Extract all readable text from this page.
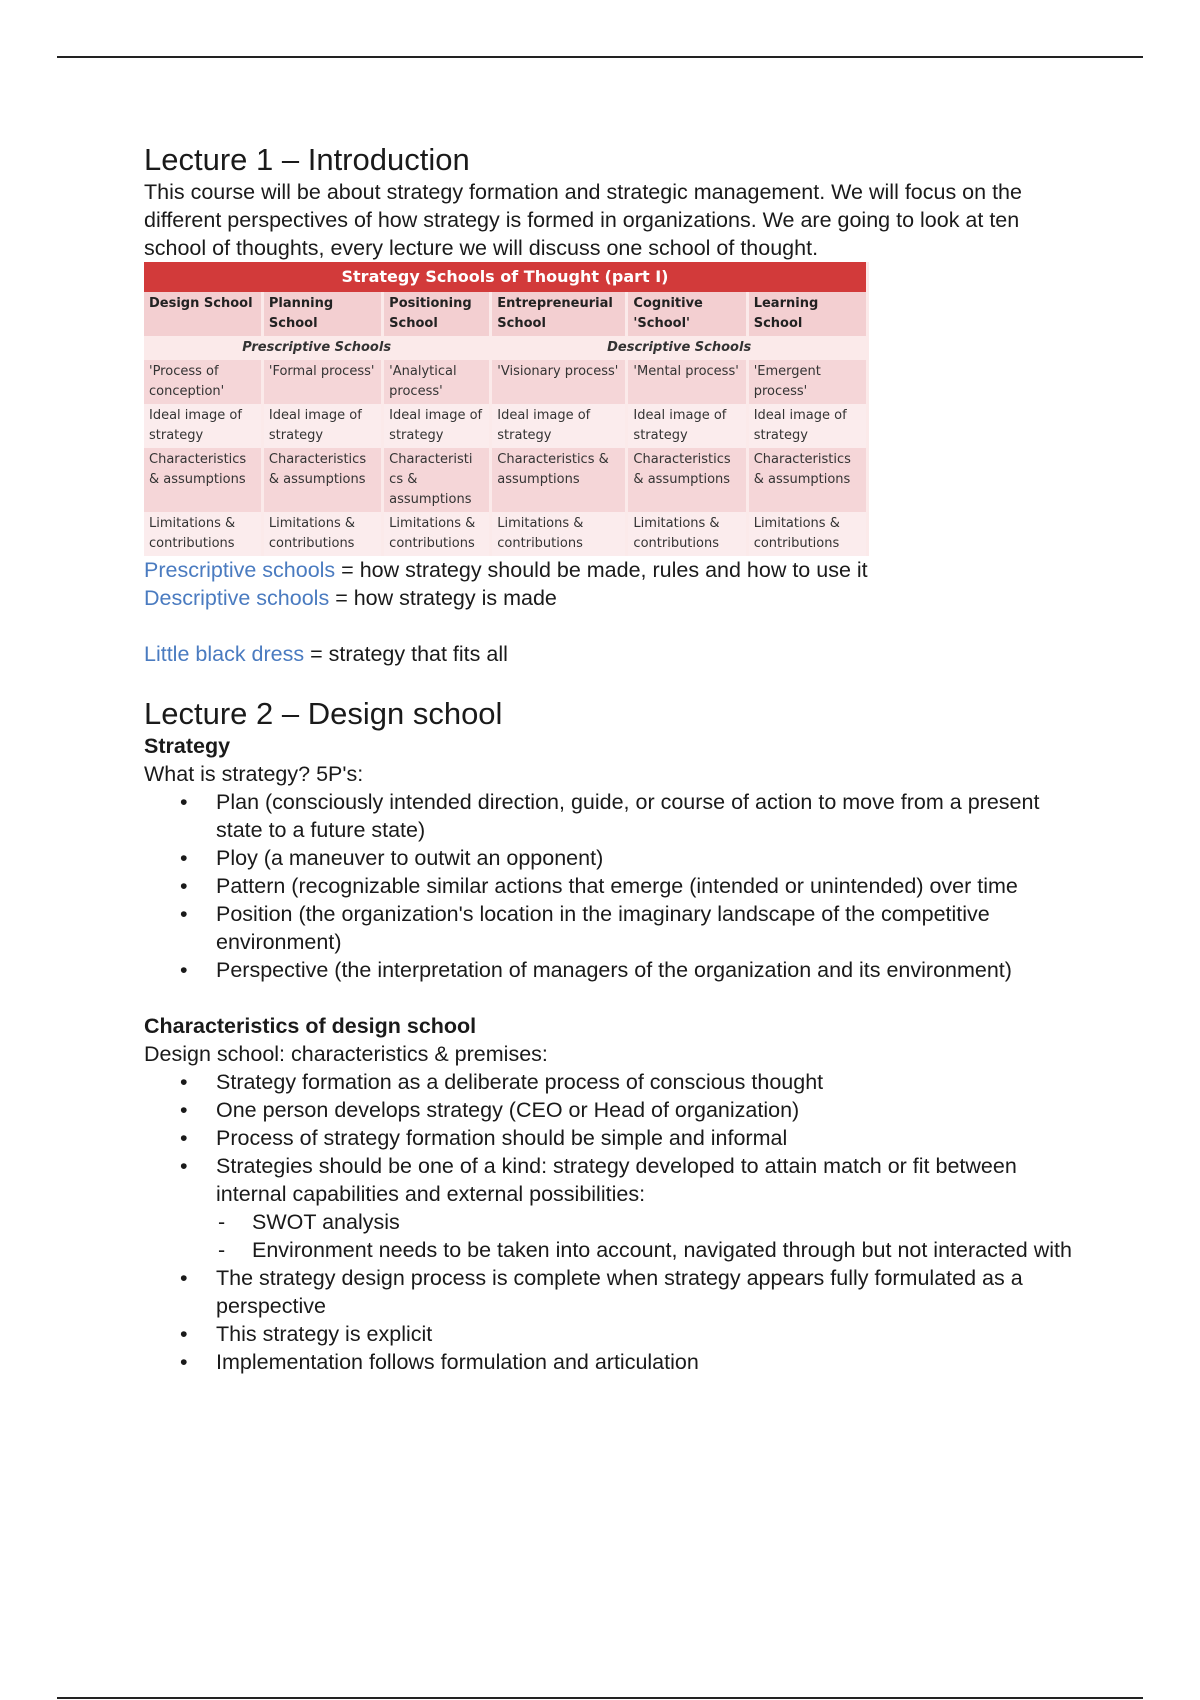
Lecture 1 – Introduction

This course will be about strategy formation and strategic management. We will focus on the different perspectives of how strategy is formed in organizations. We are going to look at ten school of thoughts, every lecture we will discuss one school of thought.

Strategy Schools of Thought (part I)					
Design School	Planning School	Positioning School	Entrepreneurial School	Cognitive 'School'	Learning School
Prescriptive Schools			Descriptive Schools		
'Process of conception'	'Formal process'	'Analytical process'	'Visionary process'	'Mental process'	'Emergent process'
Ideal image of strategy	Ideal image of strategy	Ideal image of strategy	Ideal image of strategy	Ideal image of strategy	Ideal image of strategy
Characteristics & assumptions	Characteristics & assumptions	Characteristi cs & assumptions	Characteristics & assumptions	Characteristics & assumptions	Characteristics & assumptions
Limitations & contributions	Limitations & contributions	Limitations & contributions	Limitations & contributions	Limitations & contributions	Limitations & contributions

Prescriptive schools = how strategy should be made, rules and how to use it

Descriptive schools = how strategy is made

Little black dress = strategy that fits all

Lecture 2 – Design school
Strategy

What is strategy? 5P's:

• Plan (consciously intended direction, guide, or course of action to move from a present state to a future state)
• Ploy (a maneuver to outwit an opponent)
• Pattern (recognizable similar actions that emerge (intended or unintended) over time
• Position (the organization's location in the imaginary landscape of the competitive environment)
• Perspective (the interpretation of managers of the organization and its environment)
Characteristics of design school

Design school: characteristics & premises:

• Strategy formation as a deliberate process of conscious thought
• One person develops strategy (CEO or Head of organization)
• Process of strategy formation should be simple and informal
• Strategies should be one of a kind: strategy developed to attain match or fit between internal capabilities and external possibilities:
- SWOT analysis
- Environment needs to be taken into account, navigated through but not interacted with
• The strategy design process is complete when strategy appears fully formulated as a perspective
• This strategy is explicit
• Implementation follows formulation and articulation
